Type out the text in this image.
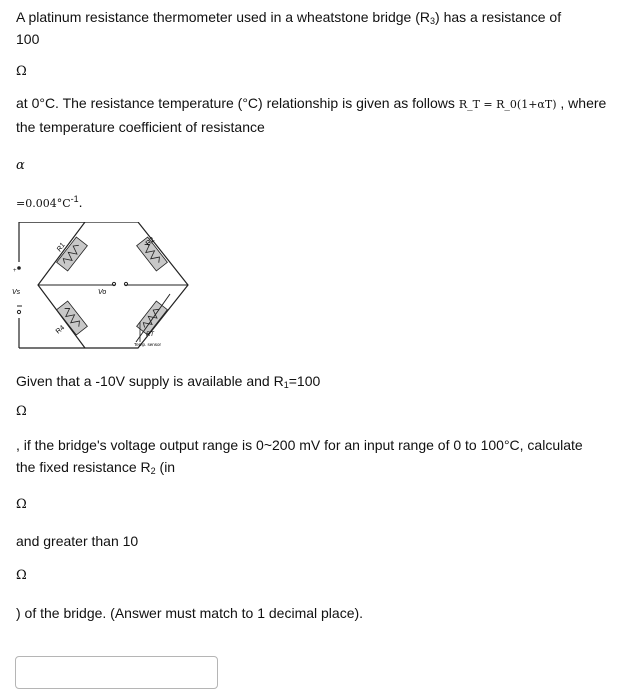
A platinum resistance thermometer used in a wheatstone bridge $(R_3)$ has a resistance of
100
Ω
at 0°C. The resistance temperature (°C) relationship is given as follows R_T = R_0(1+αT) , where
the temperature coefficient of resistance
α
$=0.004^\circ C^{-1}$.
+
R1	R2
R4	RT
Vs	Vo
Temp. sensor
Given that a -10V supply is available and $R_1=100$
Ω
, if the bridge's voltage output range is 0~200 mV for an input range of 0 to 100°C, calculate
the fixed resistance $R_2$ (in
Ω
and greater than 10
Ω
) of the bridge. (Answer must match to 1 decimal place).
